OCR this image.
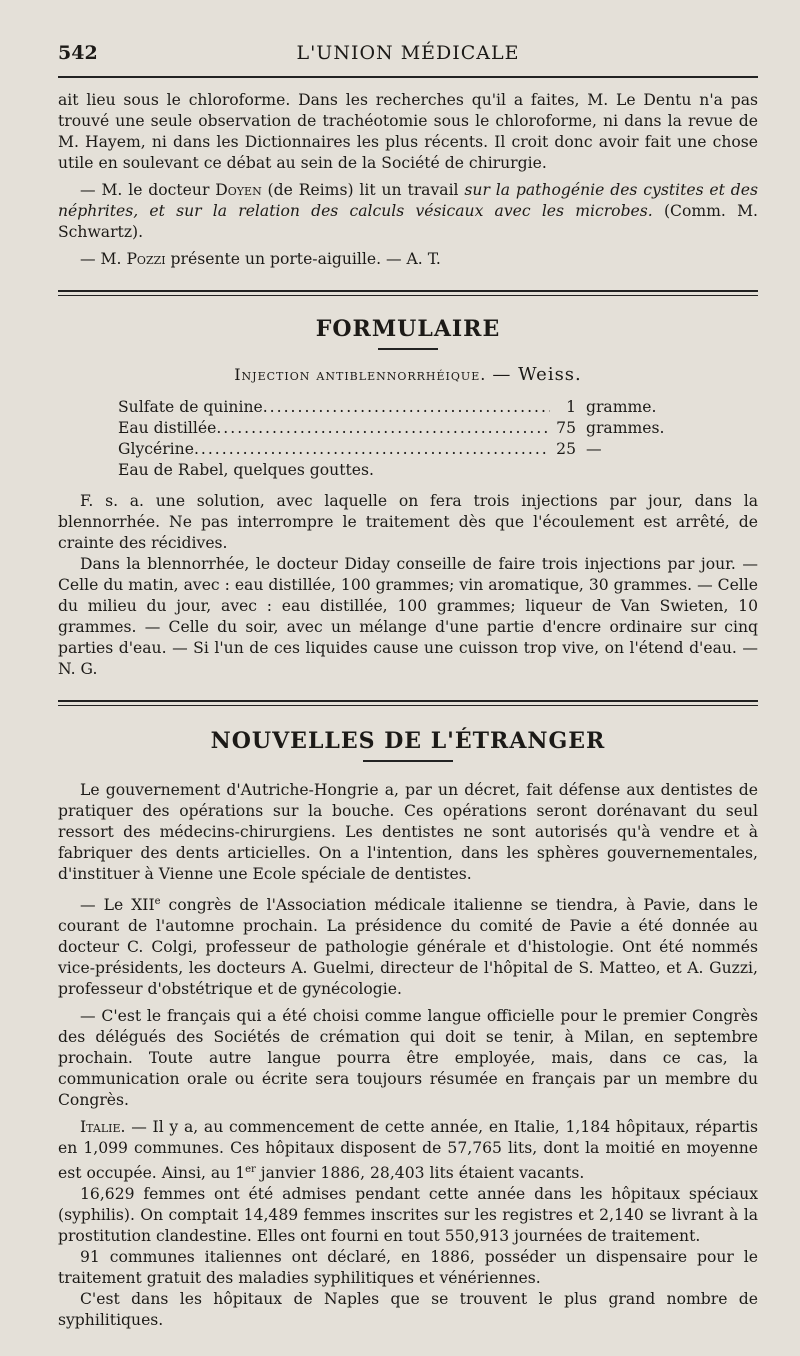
542	L'UNION MÉDICALE

ait lieu sous le chloroforme. Dans les recherches qu'il a faites, M. Le Dentu n'a pas trouvé une seule observation de trachéotomie sous le chloroforme, ni dans la revue de M. Hayem, ni dans les Dictionnaires les plus récents. Il croit donc avoir fait une chose utile en soulevant ce débat au sein de la Société de chirurgie.

— M. le docteur Doyen (de Reims) lit un travail sur la pathogénie des cystites et des néphrites, et sur la relation des calculs vésicaux avec les microbes. (Comm. M. Schwartz).

— M. Pozzi présente un porte-aiguille. — A. T.

FORMULAIRE
Injection antiblennorrhéique. — Weiss.
Sulfate de quinine .....	1 gramme.
Eau distillée .....	75 grammes.
Glycérine .....	25 —
Eau de Rabel, quelques gouttes.

F. s. a. une solution, avec laquelle on fera trois injections par jour, dans la blennorrhée. Ne pas interrompre le traitement dès que l'écoulement est arrêté, de crainte des récidives.

Dans la blennorrhée, le docteur Diday conseille de faire trois injections par jour. — Celle du matin, avec : eau distillée, 100 grammes; vin aromatique, 30 grammes. — Celle du milieu du jour, avec : eau distillée, 100 grammes; liqueur de Van Swieten, 10 grammes. — Celle du soir, avec un mélange d'une partie d'encre ordinaire sur cinq parties d'eau. — Si l'un de ces liquides cause une cuisson trop vive, on l'étend d'eau. — N. G.

NOUVELLES DE L'ÉTRANGER

Le gouvernement d'Autriche-Hongrie a, par un décret, fait défense aux dentistes de pratiquer des opérations sur la bouche. Ces opérations seront dorénavant du seul ressort des médecins-chirurgiens. Les dentistes ne sont autorisés qu'à vendre et à fabriquer des dents articielles. On a l'intention, dans les sphères gouvernementales, d'instituer à Vienne une Ecole spéciale de dentistes.

— Le XIIe congrès de l'Association médicale italienne se tiendra, à Pavie, dans le courant de l'automne prochain. La présidence du comité de Pavie a été donnée au docteur C. Colgi, professeur de pathologie générale et d'histologie. Ont été nommés vice-présidents, les docteurs A. Guelmi, directeur de l'hôpital de S. Matteo, et A. Guzzi, professeur d'obstétrique et de gynécologie.

— C'est le français qui a été choisi comme langue officielle pour le premier Congrès des délégués des Sociétés de crémation qui doit se tenir, à Milan, en septembre prochain. Toute autre langue pourra être employée, mais, dans ce cas, la communication orale ou écrite sera toujours résumée en français par un membre du Congrès.

Italie. — Il y a, au commencement de cette année, en Italie, 1,184 hôpitaux, répartis en 1,099 communes. Ces hôpitaux disposent de 57,765 lits, dont la moitié en moyenne est occupée. Ainsi, au 1er janvier 1886, 28,403 lits étaient vacants.

16,629 femmes ont été admises pendant cette année dans les hôpitaux spéciaux (syphilis). On comptait 14,489 femmes inscrites sur les registres et 2,140 se livrant à la prostitution clandestine. Elles ont fourni en tout 550,913 journées de traitement.

91 communes italiennes ont déclaré, en 1886, posséder un dispensaire pour le traitement gratuit des maladies syphilitiques et vénériennes.

C'est dans les hôpitaux de Naples que se trouvent le plus grand nombre de syphilitiques.
